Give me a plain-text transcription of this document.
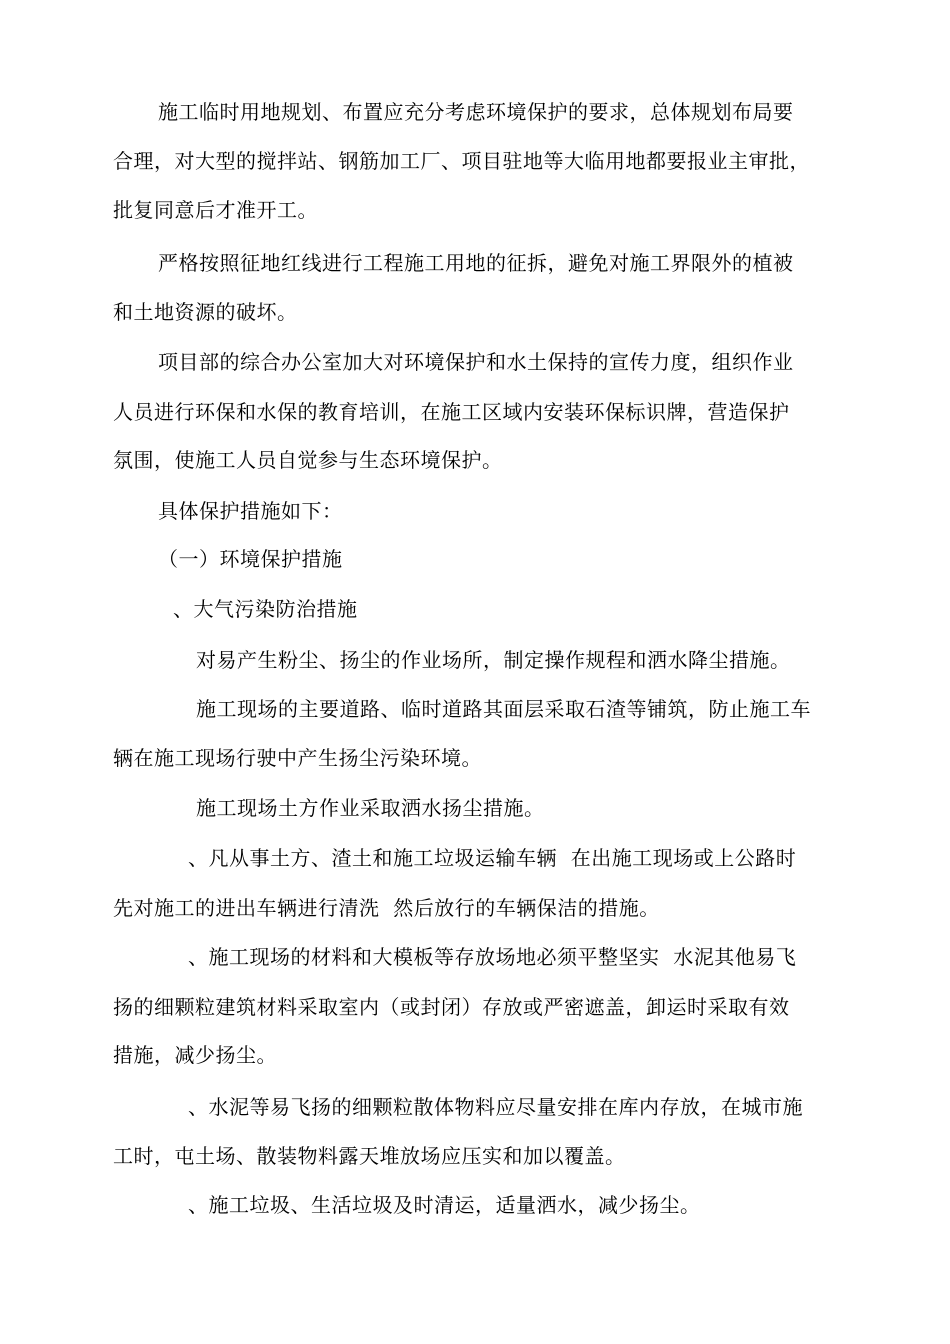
施工临时用地规划、布置应充分考虑环境保护的要求，总体规划布局要
合理，对大型的搅拌站、钢筋加工厂、项目驻地等大临用地都要报业主审批，
批复同意后才准开工。
严格按照征地红线进行工程施工用地的征拆，避免对施工界限外的植被
和土地资源的破坏。
项目部的综合办公室加大对环境保护和水土保持的宣传力度，组织作业
人员进行环保和水保的教育培训，在施工区域内安装环保标识牌，营造保护
氛围，使施工人员自觉参与生态环境保护。
具体保护措施如下：
（一）环境保护措施
、大气污染防治措施
对易产生粉尘、扬尘的作业场所，制定操作规程和洒水降尘措施。
施工现场的主要道路、临时道路其面层采取石渣等铺筑，防止施工车
辆在施工现场行驶中产生扬尘污染环境。
施工现场土方作业采取洒水扬尘措施。
、凡从事土方、渣土和施工垃圾运输车辆  在出施工现场或上公路时
先对施工的进出车辆进行清洗  然后放行的车辆保洁的措施。
、施工现场的材料和大模板等存放场地必须平整坚实  水泥其他易飞
扬的细颗粒建筑材料采取室内（或封闭）存放或严密遮盖，卸运时采取有效
措施，减少扬尘。
、水泥等易飞扬的细颗粒散体物料应尽量安排在库内存放，在城市施
工时，屯土场、散装物料露天堆放场应压实和加以覆盖。
、施工垃圾、生活垃圾及时清运，适量洒水，减少扬尘。
